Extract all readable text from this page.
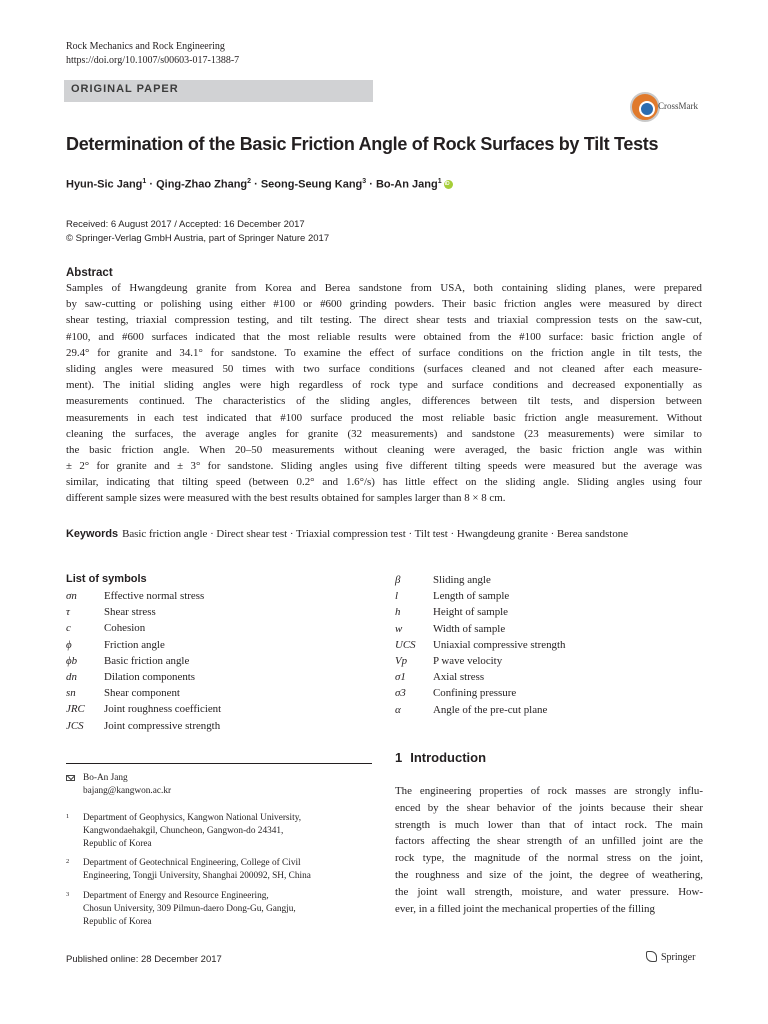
Rock Mechanics and Rock Engineering
https://doi.org/10.1007/s00603-017-1388-7
ORIGINAL PAPER
CrossMark
Determination of the Basic Friction Angle of Rock Surfaces by Tilt Tests
Hyun-Sic Jang$^1$ · Qing-Zhao Zhang$^2$ · Seong-Seung Kang$^3$ · Bo-An Jang$^1$iD
Received: 6 August 2017 / Accepted: 16 December 2017
© Springer-Verlag GmbH Austria, part of Springer Nature 2017
Abstract
Samples of Hwangdeung granite from Korea and Berea sandstone from USA, both containing sliding planes, were prepared
by saw-cutting or polishing using either #100 or #600 grinding powders. Their basic friction angles were measured by direct
shear testing, triaxial compression testing, and tilt testing. The direct shear tests and triaxial compression tests on the saw-cut,
#100, and #600 surfaces indicated that the most reliable results were obtained from the #100 surface: basic friction angle of
29.4° for granite and 34.1° for sandstone. To examine the effect of surface conditions on the friction angle in tilt tests, the
sliding angles were measured 50 times with two surface conditions (surfaces cleaned and not cleaned after each measure-
ment). The initial sliding angles were high regardless of rock type and surface conditions and decreased exponentially as
measurements continued. The characteristics of the sliding angles, differences between tilt tests, and dispersion between
measurements in each test indicated that #100 surface produced the most reliable basic friction angle measurement. Without
cleaning the surfaces, the average angles for granite (32 measurements) and sandstone (23 measurements) were similar to
the basic friction angle. When 20–50 measurements without cleaning were averaged, the basic friction angle was within
± 2° for granite and ± 3° for sandstone. Sliding angles using five different tilting speeds were measured but the average was
similar, indicating that tilting speed (between 0.2° and 1.6°/s) has little effect on the sliding angle. Sliding angles using four
different sample sizes were measured with the best results obtained for samples larger than 8 × 8 cm.
Keywords Basic friction angle · Direct shear test · Triaxial compression test · Tilt test · Hwangdeung granite · Berea sandstone
List of symbols
σn Effective normal stress
τ	Shear stress
c	Cohesion
ϕ	Friction angle
ϕb Basic friction angle
dn Dilation components
sn	Shear component
JRC Joint roughness coefficient
JCS Joint compressive strength
β	Sliding angle
l	Length of sample
h	Height of sample
w	Width of sample
UCS Uniaxial compressive strength
Vp P wave velocity
σ1 Axial stress
σ3 Confining pressure
α	Angle of the pre-cut plane
1 Introduction
Bo-An Jang
bajang@kangwon.ac.kr
1 Department of Geophysics, Kangwon National University,
Kangwondaehakgil, Chuncheon, Gangwon-do 24341,
Republic of Korea
2 Department of Geotechnical Engineering, College of Civil
Engineering, Tongji University, Shanghai 200092, SH, China
3 Department of Energy and Resource Engineering,
Chosun University, 309 Pilmun-daero Dong-Gu, Gangju,
Republic of Korea
The engineering properties of rock masses are strongly influ-
enced by the shear behavior of the joints because their shear
strength is much lower than that of intact rock. The main
factors affecting the shear strength of an unfilled joint are the
rock type, the magnitude of the normal stress on the joint,
the roughness and size of the joint, the degree of weathering,
the joint wall strength, moisture, and water pressure. How-
ever, in a filled joint the mechanical properties of the filling
Published online: 28 December 2017	Springer
